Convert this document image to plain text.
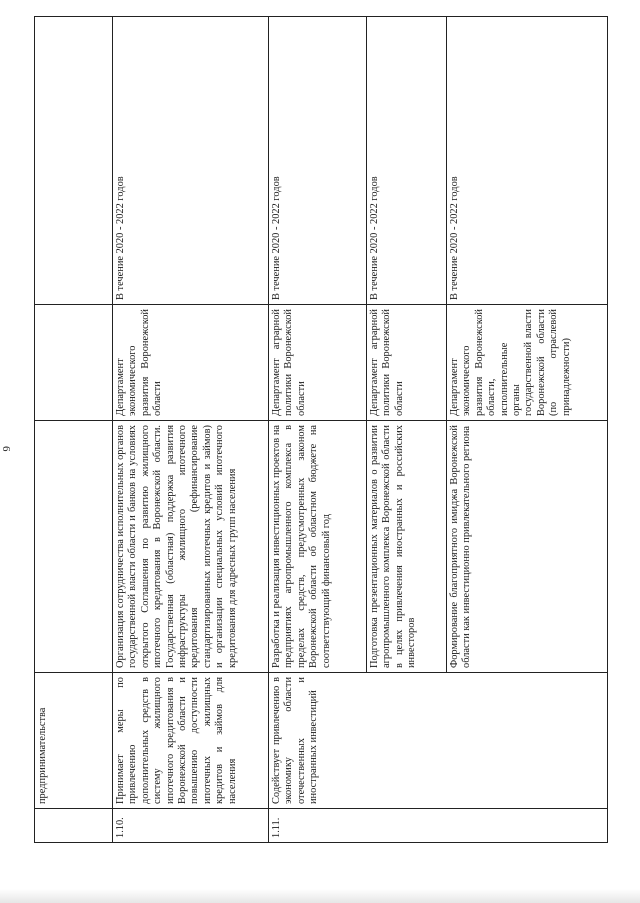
6
	предпринимательства			
1.10.	Принимает меры по привлечению дополнительных средств в систему жилищного ипотечного кредитования в Воронежской области и повышению доступности ипотечных жилищных кредитов и займов для населения	Организация сотрудничества исполнительных органов государственной власти области и банков на условиях открытого Соглашения по развитию жилищного ипотечного кредитования в Воронежской области. Государственная (областная) поддержка развития инфраструктуры жилищного ипотечного кредитования (рефинансирование стандартизированных ипотечных кредитов и займов) и организации специальных условий ипотечного кредитования для адресных групп населения	Департамент экономического развития Воронежской области	В течение 2020 - 2022 годов
1.11.	Содействует привлечению в экономику области отечественных и иностранных инвестиций	Разработка и реализация инвестиционных проектов на предприятиях агропромышленного комплекса в пределах средств, предусмотренных законом Воронежской области об областном бюджете на соответствующий финансовый год	Департамент аграрной политики Воронежской области	В течение 2020 - 2022 годов
		Подготовка презентационных материалов о развитии агропромышленного комплекса Воронежской области в целях привлечения иностранных и российских инвесторов	Департамент аграрной политики Воронежской области	В течение 2020 - 2022 годов
		Формирование благоприятного имиджа Воронежской области как инвестиционно привлекательного региона	Департамент экономического развития Воронежской области, исполнительные органы государственной власти Воронежской области (по отраслевой принадлежности)	В течение 2020 - 2022 годов
